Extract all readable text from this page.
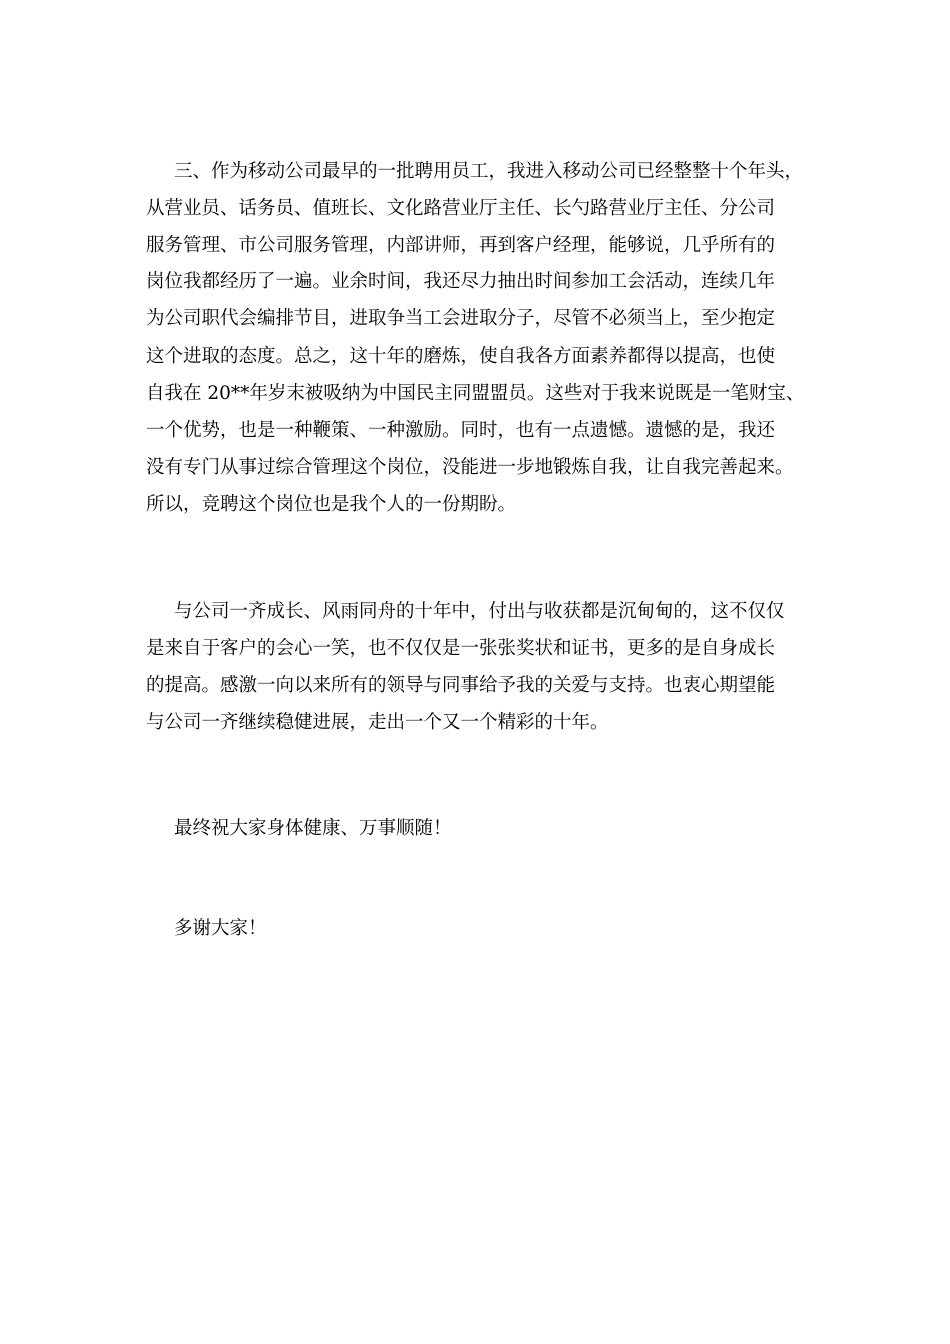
三、作为移动公司最早的一批聘用员工，我进入移动公司已经整整十个年头，
从营业员、话务员、值班长、文化路营业厅主任、长勺路营业厅主任、分公司
服务管理、市公司服务管理，内部讲师，再到客户经理，能够说，几乎所有的
岗位我都经历了一遍。业余时间，我还尽力抽出时间参加工会活动，连续几年
为公司职代会编排节目，进取争当工会进取分子，尽管不必须当上，至少抱定
这个进取的态度。总之，这十年的磨炼，使自我各方面素养都得以提高，也使
自我在 20**年岁末被吸纳为中国民主同盟盟员。这些对于我来说既是一笔财宝、
一个优势，也是一种鞭策、一种激励。同时，也有一点遗憾。遗憾的是，我还
没有专门从事过综合管理这个岗位，没能进一步地锻炼自我，让自我完善起来。
所以，竞聘这个岗位也是我个人的一份期盼。
与公司一齐成长、风雨同舟的十年中，付出与收获都是沉甸甸的，这不仅仅
是来自于客户的会心一笑，也不仅仅是一张张奖状和证书，更多的是自身成长
的提高。感激一向以来所有的领导与同事给予我的关爱与支持。也衷心期望能
与公司一齐继续稳健进展，走出一个又一个精彩的十年。
最终祝大家身体健康、万事顺随！
多谢大家！
